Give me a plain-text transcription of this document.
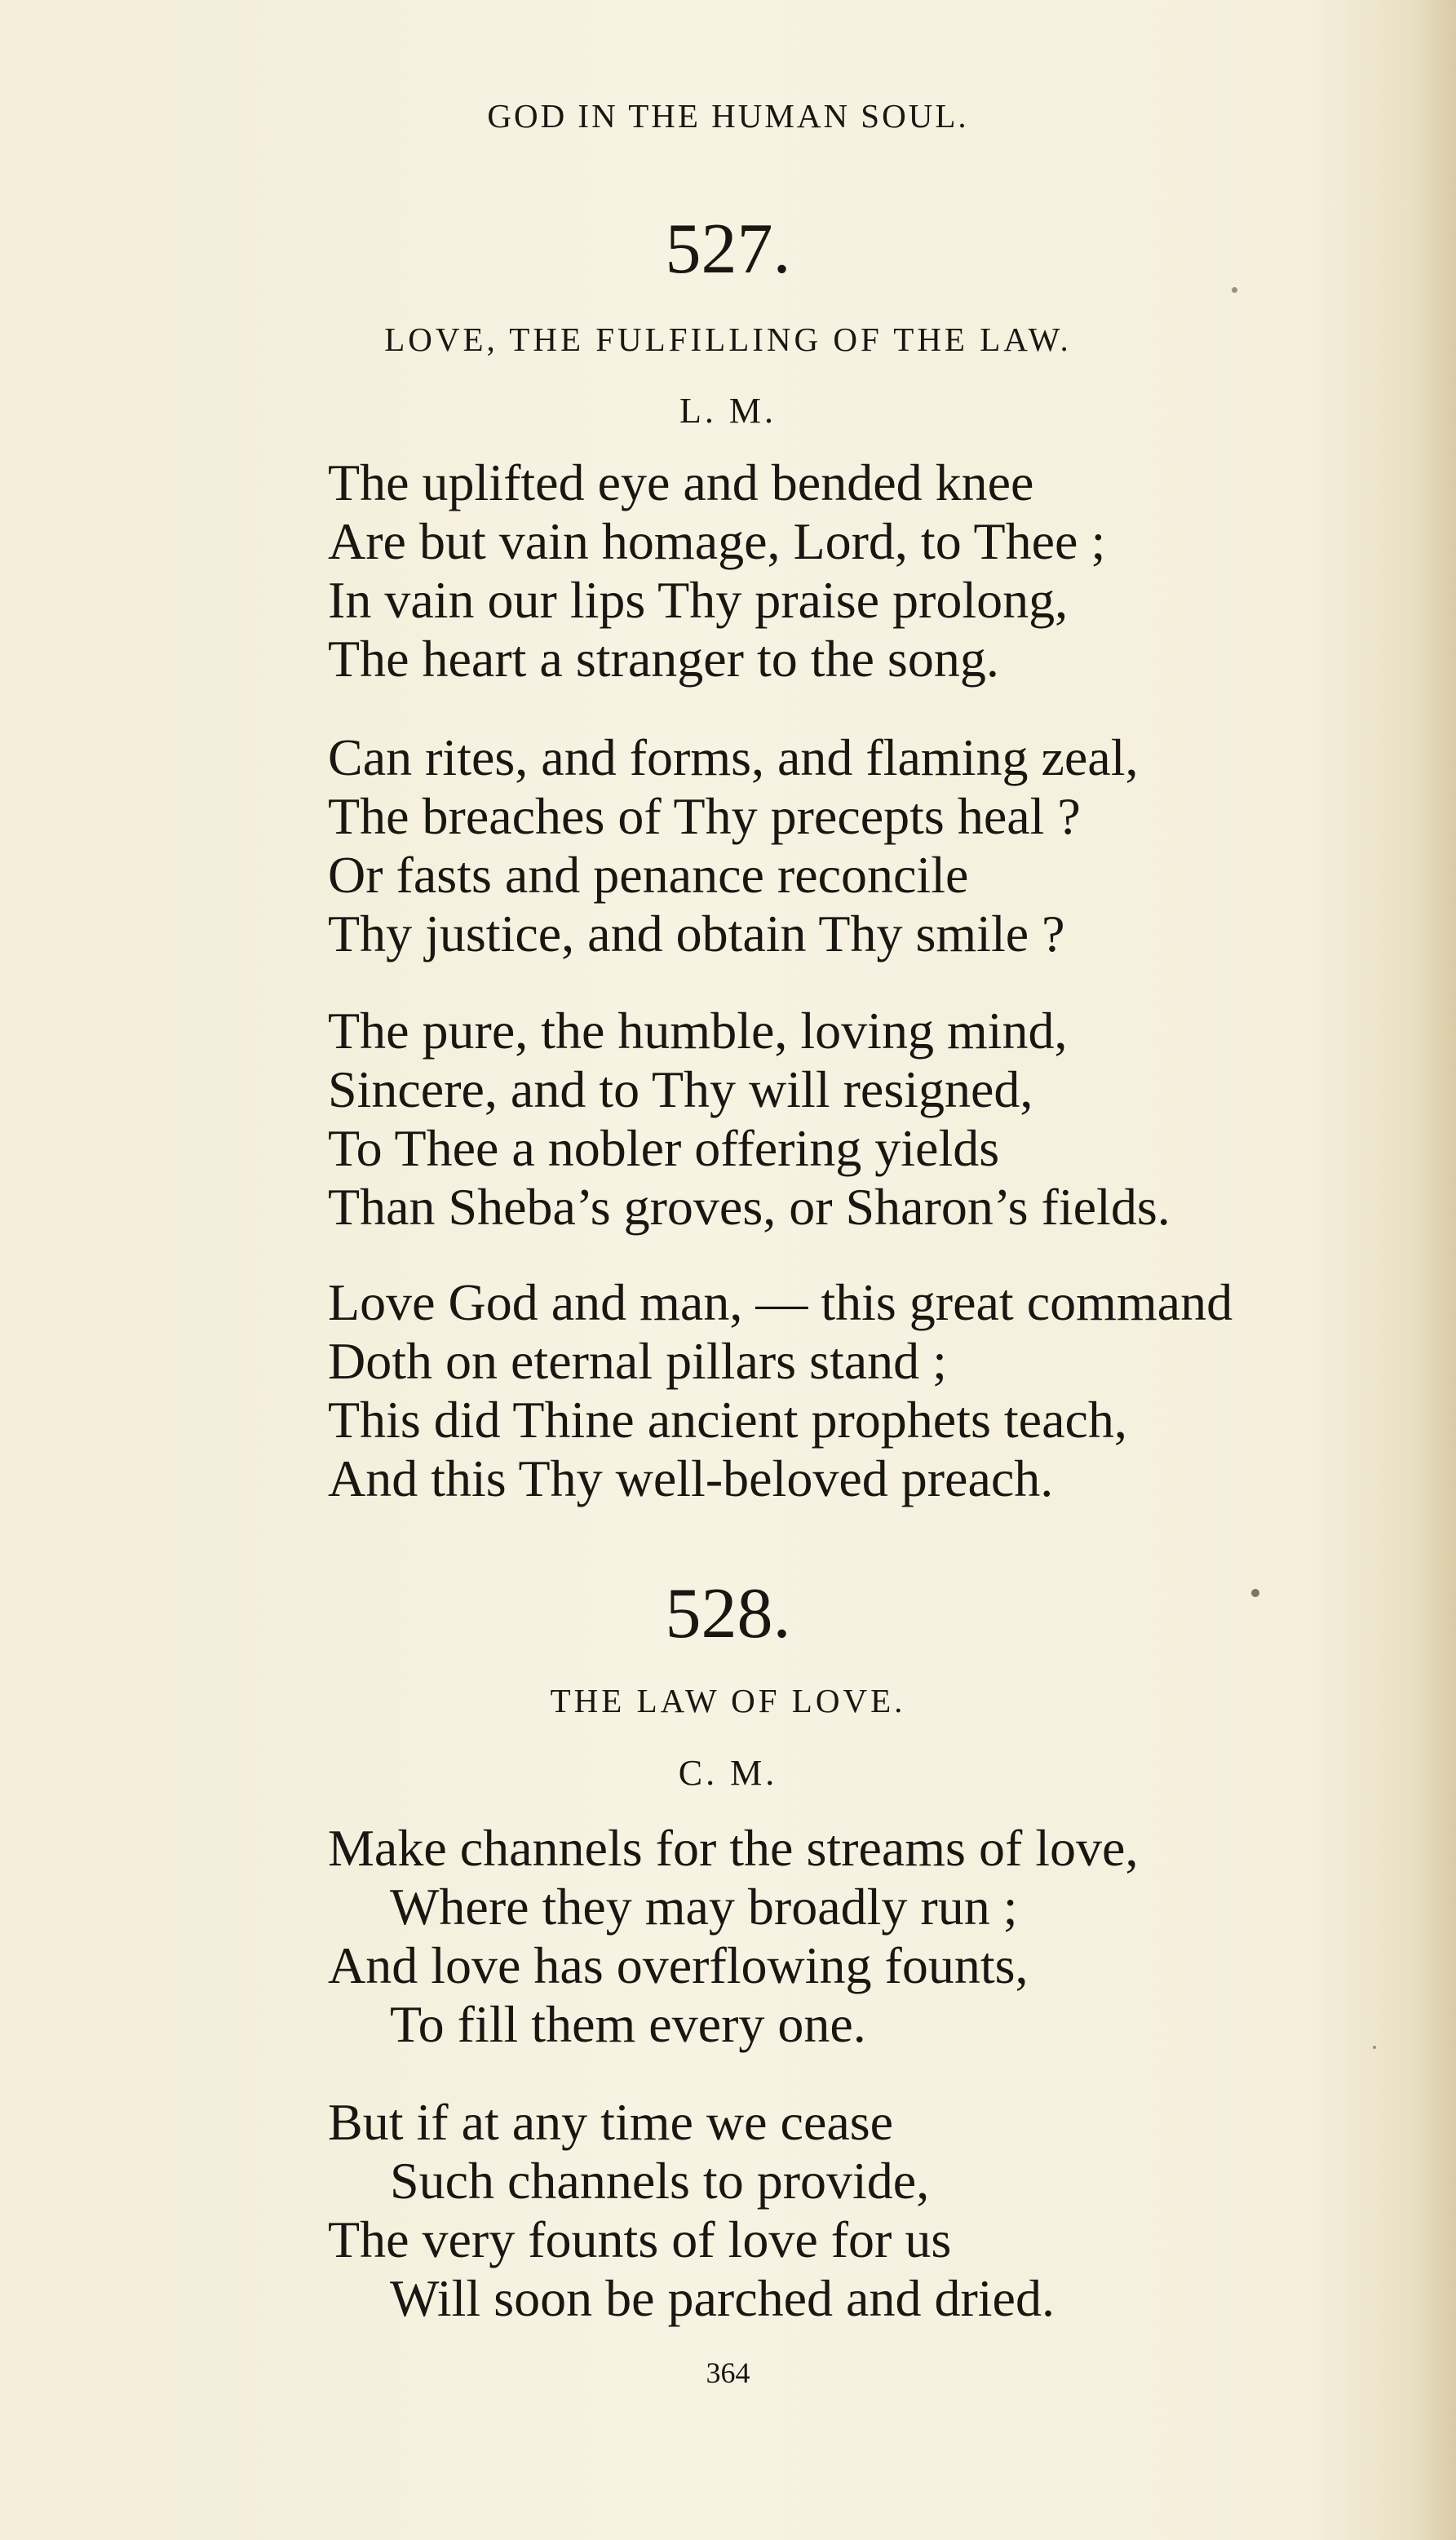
GOD IN THE HUMAN SOUL.
527.
LOVE, THE FULFILLING OF THE LAW.
L. M.
The uplifted eye and bended knee
Are but vain homage, Lord, to Thee ;
In vain our lips Thy praise prolong,
The heart a stranger to the song.
Can rites, and forms, and flaming zeal,
The breaches of Thy precepts heal ?
Or fasts and penance reconcile
Thy justice, and obtain Thy smile ?
The pure, the humble, loving mind,
Sincere, and to Thy will resigned,
To Thee a nobler offering yields
Than Sheba’s groves, or Sharon’s fields.
Love God and man, — this great command
Doth on eternal pillars stand ;
This did Thine ancient prophets teach,
And this Thy well-beloved preach.
528.
THE LAW OF LOVE.
C. M.
Make channels for the streams of love,
Where they may broadly run ;
And love has overflowing founts,
To fill them every one.
But if at any time we cease
Such channels to provide,
The very founts of love for us
Will soon be parched and dried.
364
